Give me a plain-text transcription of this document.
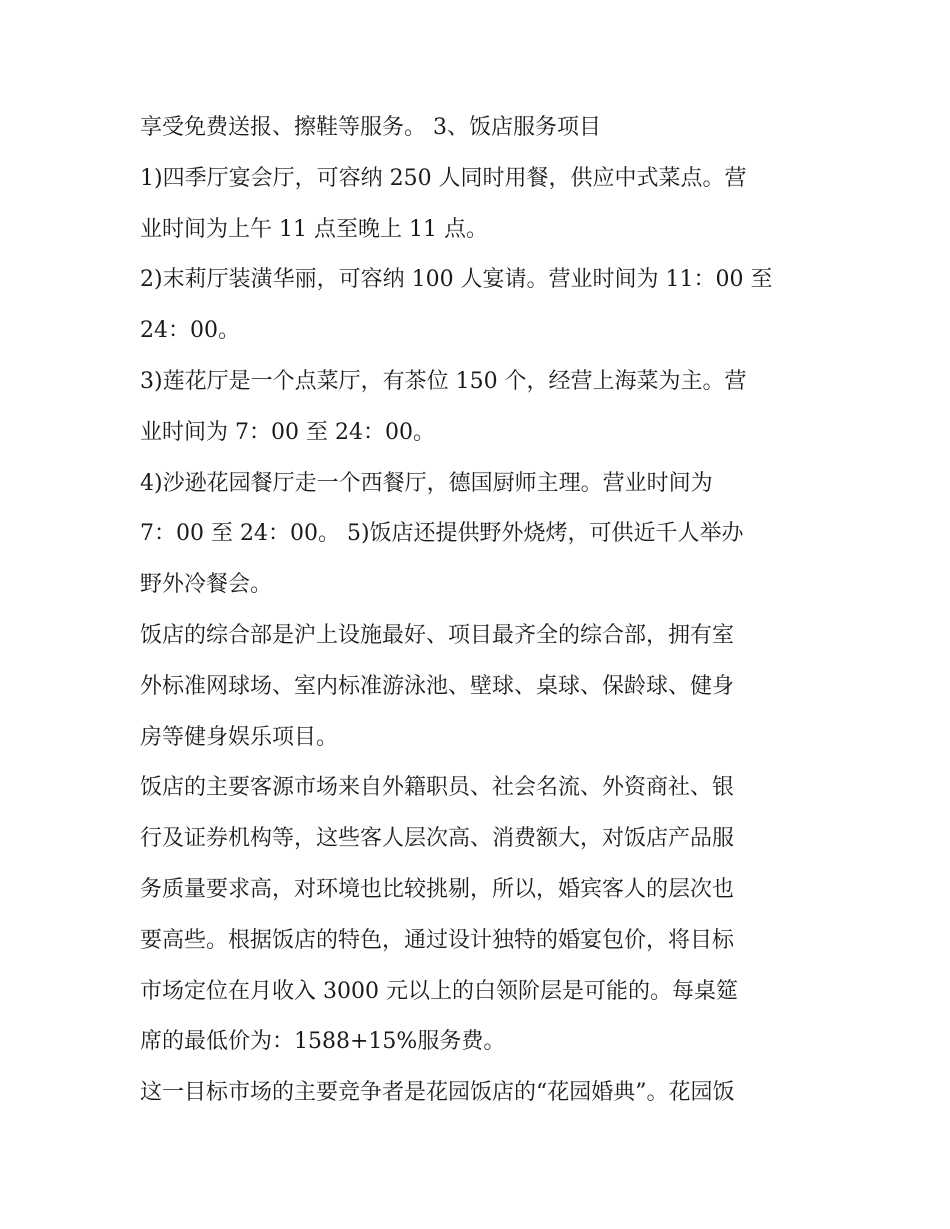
享受免费送报、擦鞋等服务。 3、饭店服务项目

1)四季厅宴会厅，可容纳 250 人同时用餐，供应中式菜点。营
业时间为上午 11 点至晚上 11 点。

2)末莉厅装潢华丽，可容纳 100 人宴请。营业时间为 11：00 至
24：00。

3)莲花厅是一个点菜厅，有茶位 150 个，经营上海菜为主。营
业时间为 7：00 至 24：00。

4)沙逊花园餐厅走一个西餐厅，德国厨师主理。营业时间为
7：00 至 24：00。 5)饭店还提供野外烧烤，可供近千人举办
野外冷餐会。

饭店的综合部是沪上设施最好、项目最齐全的综合部，拥有室
外标准网球场、室内标准游泳池、壁球、桌球、保龄球、健身
房等健身娱乐项目。

饭店的主要客源市场来自外籍职员、社会名流、外资商社、银
行及证券机构等，这些客人层次高、消费额大，对饭店产品服
务质量要求高，对环境也比较挑剔，所以，婚宾客人的层次也
要高些。根据饭店的特色，通过设计独特的婚宴包价，将目标
市场定位在月收入 3000 元以上的白领阶层是可能的。每桌筵
席的最低价为：1588+15%服务费。

这一目标市场的主要竞争者是花园饭店的“花园婚典”。花园饭
